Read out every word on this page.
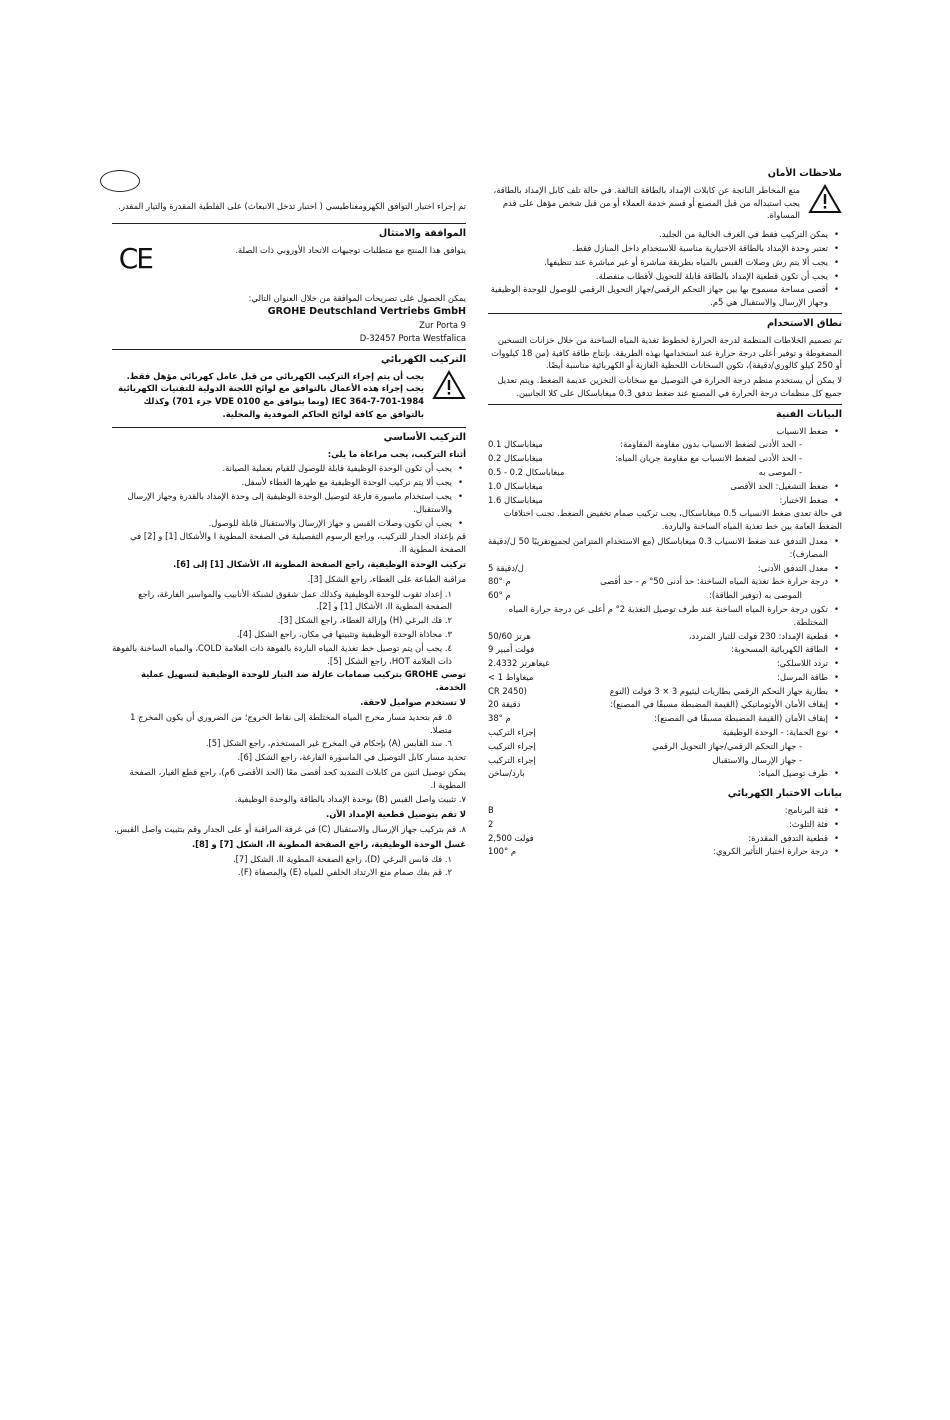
ملاحظات الأمان
منع المخاطر الناتجة عن كابلات الإمداد بالطاقة التالفة. في حالة تلف كابل الإمداد بالطاقة، يجب استبداله من قبل المصنع أو قسم خدمة العملاء أو من قبل شخص مؤهل على قدم المساواة.
• يمكن التركيب فقط في الغرف الخالية من الجليد.
• تعتبر وحدة الإمداد بالطاقة الاختيارية مناسبة للاستخدام داخل المنازل فقط.
• يجب ألا يتم رش وصلات القبس بالمياه بطريقة مباشرة أو غير مباشرة عند تنظيفها.
• يجب أن تكون قطعية الإمداد بالطاقة قابلة للتحويل لأقطاب منفصلة.
• أقصى مساحة مسموح بها بين جهاز التحكم الرقمي/جهاز التحويل الرقمي للوصول للوحدة الوظيفية وجهاز الإرسال والاستقبال هي 5م.
نطاق الاستخدام

تم تصميم الخلاطات المنظمة لدرجة الحرارة لخطوط تغذية المياه الساخنة من خلال خزانات التسخين المضغوطة و توفير أعلى درجة حرارة عند استخدامها بهذه الطريقة. بإنتاج طاقة كافية (من 18 كيلووات أو 250 كيلو كالوري/دقيقة)، تكون السخانات اللحظية الغازية أو الكهربائية مناسبة أيضًا.

لا يمكن أن يستخدم منظم درجة الحرارة في التوصيل مع سخانات التخزين عديمة الضغط. ويتم تعديل جميع كل منظمات درجة الحرارة في المصنع عند ضغط تدفق 0.3 ميغاباسكال على كلا الجانبين.

البيانات الفنية
• ضغط الانسياب
- الحد الأدنى لضغط الانسياب بدون مقاومة المقاومة:
0.1 ميغاباسكال
- الحد الأدنى لضغط الانسياب مع مقاومة جريان المياه:
0.2 ميغاباسكال
- الموصى به
0.5 - 0.2 ميغاباسكال
• ضغط التشغيل: الحد الأقصى
1.0 ميغاباسكال
• ضغط الاختبار:
1.6 ميغاباسكال

في حالة تعدى ضغط الانسياب 0.5 ميغاباسكال، يجب تركيب صمام تخفيض الضغط. تجنب اختلافات الضغط العامة بين خط تغذية المياه الساخنة والباردة.

• معدل التدفق عند ضغط الانسياب 0.3 ميغاباسكال (مع الاستخدام المتزامن لجميع المصارف):
تقريبًا 50 ل/دقيقة
• معدل التدفق الأدنى:
5 ل/دقيقة
• درجة حرارة خط تغذية المياه الساخنة: حد أدنى 50° م - حد أقصى
80° م
الموصى به (توفير الطاقة):
60° م
• تكون درجة حرارة المياه الساخنة عند طرف توصيل التغذية 2° م أعلى عن درجة حرارة المياه المختلطة.
• قطعية الإمداد: 230 فولت للتيار المتردد،
50/60 هرتز
• الطاقة الكهربائية المسحوبة:
9 فولت أمبير
• تردد اللاسلكي:
2.4332 غيغاهرتز
• طاقة المرسل:
< 1 ميغاواط
• بطارية جهاز التحكم الرقمي بطاريات ليثيوم 3 × 3 فولت (النوع
CR 2450)
• إيقاف الأمان الأوتوماتيكي (القيمة المضبطة مسبقًا في المصنع):
20 دقيقة
• إيقاف الأمان (القيمة المضبطة مسبقًا في المصنع):
38° م
• نوع الحماية: - الوحدة الوظيفية
إجراء التركيب
- جهاز التحكم الرقمي/جهاز التحويل الرقمي
إجراء التركيب
- جهاز الإرسال والاستقبال
إجراء التركيب
• طرف توصيل المياه:
بارد/ساخن
بيانات الاختبار الكهربائي
• فئة البرنامج:
B
• فئة التلوث:
2
• قطعية التدفق المقدرة:
2,500 فولت
• درجة حرارة اختبار التأثير الكروي:
100° م

تم إجراء اختبار التوافق الكهرومغناطيسي ( اختبار تدخل الانبعاث) على الفلطية المقدرة والتيار المقدر.

الموافقة والامتثال

يتوافق هذا المنتج مع متطلبات توجيهات الاتحاد الأوروبي ذات الصلة.

CE

يمكن الحصول على تصريحات الموافقة من خلال العنوان التالي:

GROHE Deutschland Vertriebs GmbH
Zur Porta 9
D-32457 Porta Westfalica
التركيب الكهربائي
يجب أن يتم إجراء التركيب الكهربائي من قبل عامل كهربائي مؤهل فقط. يجب إجراء هذه الأعمال بالتوافق مع لوائح اللجنة الدولية للتقنيات الكهربائية IEC 364-7-701-1984 (وبما يتوافق مع VDE 0100 جزء 701) وكذلك بالتوافق مع كافة لوائح الحاكم الموفدية والمحلية.
التركيب الأساسي

أثناء التركيب، يجب مراعاة ما يلي:

• يجب أن تكون الوحدة الوظيفية قابلة للوصول للقيام بعملية الصيانة.
• يجب ألا يتم تركيب الوحدة الوظيفية مع ظهرها الغطاء لأسفل.
• يجب استخدام ماسورة فارغة لتوصيل الوحدة الوظيفية إلى وحدة الإمداد بالقدرة وجهاز الإرسال والاستقبال.
• يجب أن تكون وصلات القبس و جهاز الإرسال والاستقبال قابلة للوصول.

قم بإعداد الجدار للتركيب، وراجع الرسوم التفصيلية في الصفحة المطوية I والأشكال [1] و [2] في الصفحة المطوية II.

تركيب الوحدة الوظيفية، راجع الصفحة المطوية II، الأشكال [1] إلى [6].

مراقبة الطباعة على الغطاء، راجع الشكل [3].

١. إعداد ثقوب للوحدة الوظيفية وكذلك عمل شقوق لشبكة الأنابيب والمواسير الفارغة، راجع الصفحة المطوية II، الأشكال [1] و [2].
٢. فك البرغي (H) وإزالة الغطاء، راجع الشكل [3].
٣. محاذاة الوحدة الوظيفية وتثبيتها في مكان، راجع الشكل [4].
٤. يجب أن يتم توصيل خط تغذية المياه الباردة بالفوهة ذات العلامة COLD، والمياه الساخنة بالفوهة ذات العلامة HOT، راجع الشكل [5].

توصي GROHE بتركيب صمامات عازلة ضد التيار للوحدة الوظيفية لتسهيل عملية الخدمة.

لا تستخدم صواميل لاحقة.

٥. قم بتحديد مسار مخرج المياه المختلطة إلى نقاط الخروج؛ من الضروري أن يكون المخرج 1 متصلا.
٦. سد القابس (A) بإحكام في المخرج غير المستخدم، راجع الشكل [5].

تحديد مسار كابل التوصيل في الماسورة الفارغة، راجع الشكل [6].

يمكن توصيل اثنين من كابلات التمديد كحد أقصى معًا (الحد الأقصى 6م)، راجع قطع الغيار، الصفحة المطوية I.

٧. تثبيت واصل القبس (B) بوحدة الإمداد بالطاقة والوحدة الوظيفية.

لا تقم بتوصيل قطعية الإمداد الآن.

٨. قم بتركيب جهاز الإرسال والاستقبال (C) في غرفة المراقبة أو على الجدار وقم بتثبيت واصل القبس.

غسل الوحدة الوظيفية، راجع الصفحة المطوية II، الشكل [7] و [8].

١. فك قابس البرغي (D)، راجع الصفحة المطوية II، الشكل [7].
٢. قم بفك صمام منع الارتداد الخلفي للمياه (E) والمصفاة (F).
